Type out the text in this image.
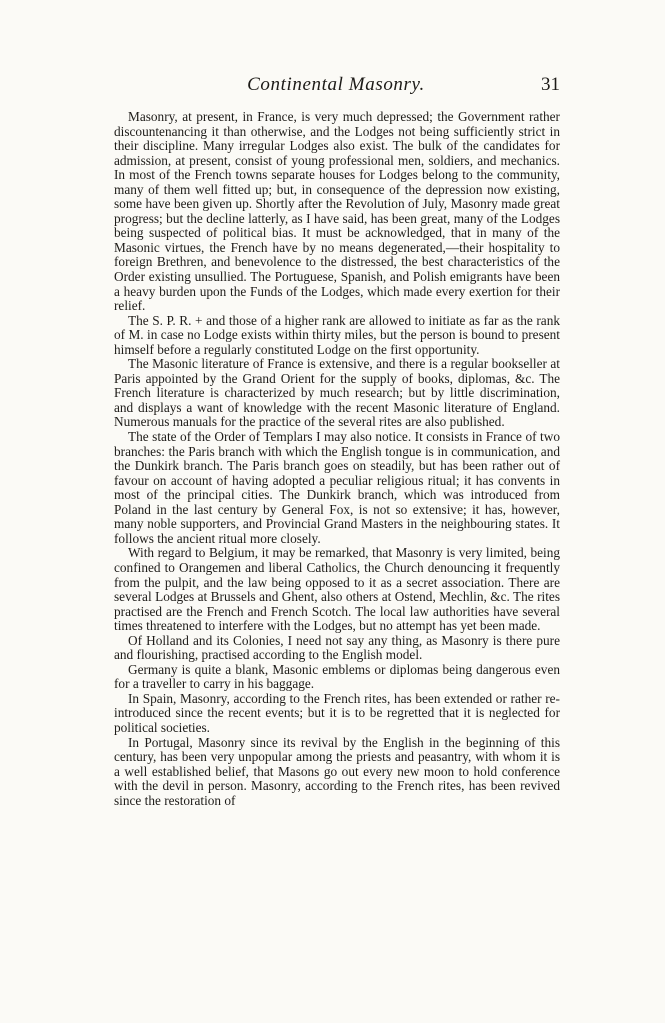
Continental Masonry.	31

Masonry, at present, in France, is very much depressed; the Government rather discountenancing it than otherwise, and the Lodges not being sufficiently strict in their discipline. Many irregular Lodges also exist. The bulk of the candidates for admission, at present, consist of young professional men, soldiers, and mechanics. In most of the French towns separate houses for Lodges belong to the community, many of them well fitted up; but, in consequence of the depression now existing, some have been given up. Shortly after the Revolution of July, Masonry made great progress; but the decline latterly, as I have said, has been great, many of the Lodges being suspected of political bias. It must be acknowledged, that in many of the Masonic virtues, the French have by no means degenerated,—their hospitality to foreign Brethren, and benevolence to the distressed, the best characteristics of the Order existing unsullied. The Portuguese, Spanish, and Polish emigrants have been a heavy burden upon the Funds of the Lodges, which made every exertion for their relief.

The S. P. R. + and those of a higher rank are allowed to initiate as far as the rank of M. in case no Lodge exists within thirty miles, but the person is bound to present himself before a regularly constituted Lodge on the first opportunity.

The Masonic literature of France is extensive, and there is a regular bookseller at Paris appointed by the Grand Orient for the supply of books, diplomas, &c. The French literature is characterized by much research; but by little discrimination, and displays a want of knowledge with the recent Masonic literature of England. Numerous manuals for the practice of the several rites are also published.

The state of the Order of Templars I may also notice. It consists in France of two branches: the Paris branch with which the English tongue is in communication, and the Dunkirk branch. The Paris branch goes on steadily, but has been rather out of favour on account of having adopted a peculiar religious ritual; it has convents in most of the principal cities. The Dunkirk branch, which was introduced from Poland in the last century by General Fox, is not so extensive; it has, however, many noble supporters, and Provincial Grand Masters in the neighbouring states. It follows the ancient ritual more closely.

With regard to Belgium, it may be remarked, that Masonry is very limited, being confined to Orangemen and liberal Catholics, the Church denouncing it frequently from the pulpit, and the law being opposed to it as a secret association. There are several Lodges at Brussels and Ghent, also others at Ostend, Mechlin, &c. The rites practised are the French and French Scotch. The local law authorities have several times threatened to interfere with the Lodges, but no attempt has yet been made.

Of Holland and its Colonies, I need not say any thing, as Masonry is there pure and flourishing, practised according to the English model.

Germany is quite a blank, Masonic emblems or diplomas being dangerous even for a traveller to carry in his baggage.

In Spain, Masonry, according to the French rites, has been extended or rather re-introduced since the recent events; but it is to be regretted that it is neglected for political societies.

In Portugal, Masonry since its revival by the English in the beginning of this century, has been very unpopular among the priests and peasantry, with whom it is a well established belief, that Masons go out every new moon to hold conference with the devil in person. Masonry, according to the French rites, has been revived since the restoration of
